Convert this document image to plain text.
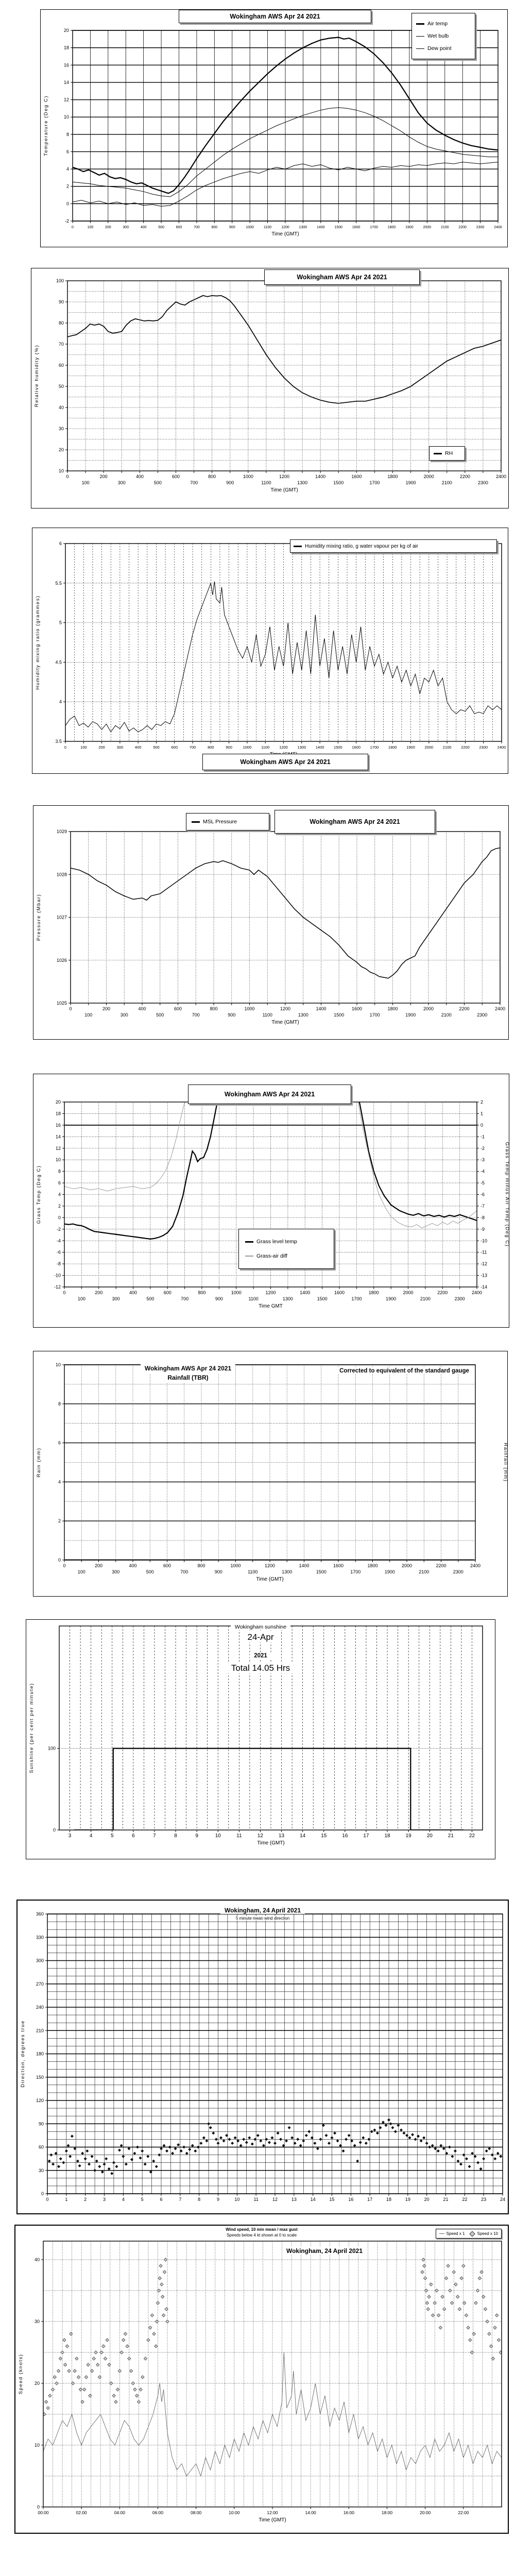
0	100	200	300	400	500	600	700	800	900	1000	1100	1200	1300	1400	1500	1600	1700	1800	1900	2000	2100	2200	2300	2400
Time (GMT)
-2
0
2
4
6
8
10
12
14
16
18
20
Temperature (Deg C)
Wokingham AWS Apr 24 2021
Air temp
Wet bulb
Dew point
0
100
200
300
400
500
600
700
800
900
1000
1100
1200
1300
1400
1500
1600
1700
1800
1900
2000
2100
2200
2300
2400
Time (GMT)
10
20
30
40
50
60
70
80
90
100
Relative humidity (%)
Wokingham AWS Apr 24 2021
RH
0	100	200	300	400	500	600	700	800	900	1000	1100	1200 1300 1400 1500 1600 1700 1800 1900 2000 2100 2200 2300 2400
3.5
4
4.5
5
5.5
6
Humidity mixing ratio (grammes)
Humidity mixing ratio, g water vapour per kg of air
Wokingham AWS Apr 24 2021
0
100
200
300
400
500
600
700
800
900
1000
1100
1200
1300
1400
1500
1600
1700
1800
1900
2000
2100
2200
2300
2400
Time (GMT)
1025
1026
1027
1028
1029
Pressure (Mbar)
MSL Pressure	Wokingham AWS Apr 24 2021
0
100
200
300
400
500
600
700
800
900
1000
1100
1200
1300
1400
1500
1600
1700
1800
1900
2000
2100
2200
2300
2400
Time GMT
-12
-10
-8
-6
-4
-2
0
2
4
6
8
10
12
14
16
18
20
-14
-13
-12
-11
-10
-9
-8
-7
-6
-5
-4
-3
-2
-1
0
1
2
Grass Temp (Deg C)	Grass Temp minus Air Temp (Deg C)
Wokingham AWS Apr 24 2021
Grass level temp
Grass-air diff
0
100
200
300
400
500
600
700
800
900
1000
1100
1200
1300
1400
1500
1600
1700
1800
1900
2000
2100
2200
2300
2400
Time (GMT)
0
2
4
6
8
10
Rain (mm)	Rainfall (mm)
Wokingham AWS Apr 24 2021
Rainfall (TBR)
Corrected to equivalent of the standard gauge
3	4	5	6	7	8	9	10	11	12	13	14	15	16	17	18	19	20	21	22
Time (GMT)
0
100
Sunshine (per cent per minute)
Wokingham sunshine
24-Apr
2021
Total 14.05 Hrs
0	1	2	3	4	5	6	7	8	9	10	11	12	13	14	15	16	17	18	19	20	21	22	23	24
0
30
60
90
120
150
180
210
240
270
300
330
360
Direction, degrees true
Wokingham, 24 April 2021
5 minute mean wind direction
00:00	02:00	04:00	06:00	08:00	10:00	12:00	14:00	16:00	18:00	20:00	22:00
Time (GMT)
0
10
20
30
40
Speed (knots)
Wind speed, 10 min mean / max gust
Speeds below 4 kt shown at 0 to scale
Wokingham, 24 April 2021
Speed x 1	Speed x 10
